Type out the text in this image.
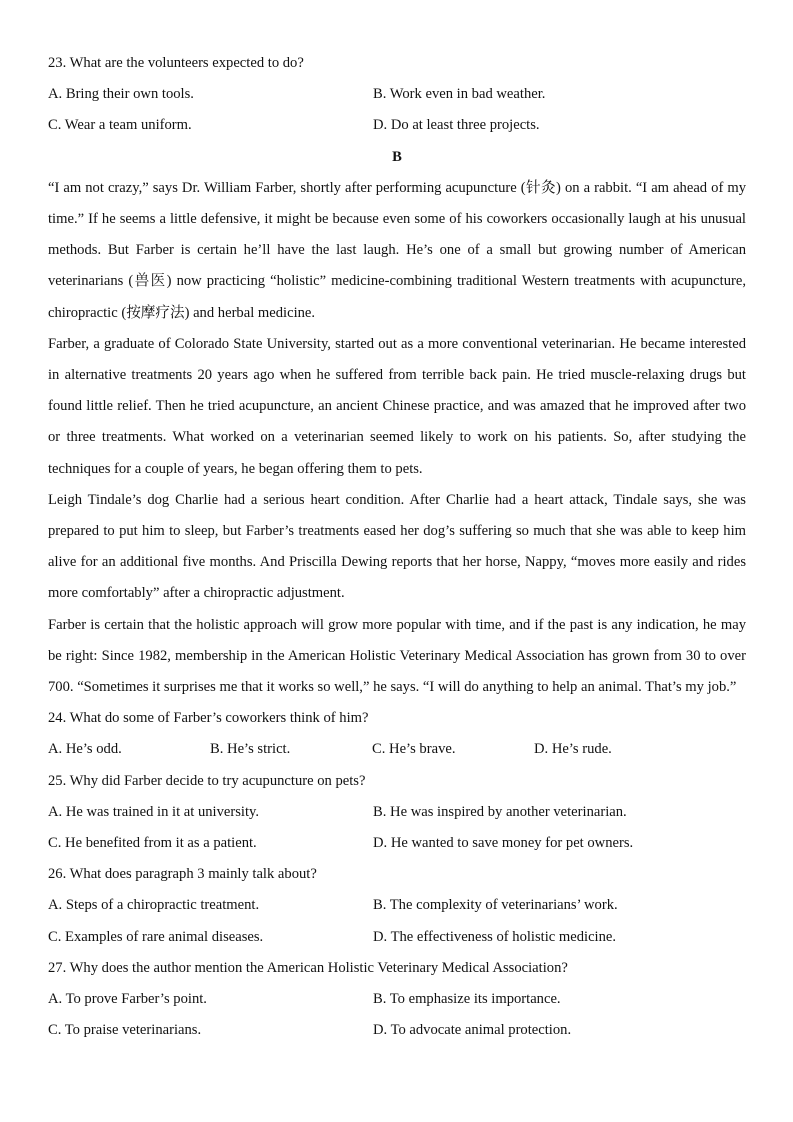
23. What are the volunteers expected to do?
A. Bring their own tools.	B. Work even in bad weather.
C. Wear a team uniform.	D. Do at least three projects.
B

“I am not crazy,” says Dr. William Farber, shortly after performing acupuncture (针灸) on a rabbit. “I am ahead of my time.” If he seems a little defensive, it might be because even some of his coworkers occasionally laugh at his unusual methods. But Farber is certain he’ll have the last laugh. He’s one of a small but growing number of American veterinarians (兽医) now practicing “holistic” medicine-combining traditional Western treatments with acupuncture, chiropractic (按摩疗法) and herbal medicine.

Farber, a graduate of Colorado State University, started out as a more conventional veterinarian. He became interested in alternative treatments 20 years ago when he suffered from terrible back pain. He tried muscle-relaxing drugs but found little relief. Then he tried acupuncture, an ancient Chinese practice, and was amazed that he improved after two or three treatments. What worked on a veterinarian seemed likely to work on his patients. So, after studying the techniques for a couple of years, he began offering them to pets.

Leigh Tindale’s dog Charlie had a serious heart condition. After Charlie had a heart attack, Tindale says, she was prepared to put him to sleep, but Farber’s treatments eased her dog’s suffering so much that she was able to keep him alive for an additional five months. And Priscilla Dewing reports that her horse, Nappy, “moves more easily and rides more comfortably” after a chiropractic adjustment.

Farber is certain that the holistic approach will grow more popular with time, and if the past is any indication, he may be right: Since 1982, membership in the American Holistic Veterinary Medical Association has grown from 30 to over 700. “Sometimes it surprises me that it works so well,” he says. “I will do anything to help an animal. That’s my job.”

24. What do some of Farber’s coworkers think of him?
A. He’s odd.	B. He’s strict.	C. He’s brave.	D. He’s rude.
25. Why did Farber decide to try acupuncture on pets?
A. He was trained in it at university.	B. He was inspired by another veterinarian.
C. He benefited from it as a patient.	D. He wanted to save money for pet owners.
26. What does paragraph 3 mainly talk about?
A. Steps of a chiropractic treatment.	B. The complexity of veterinarians’ work.
C. Examples of rare animal diseases.	D. The effectiveness of holistic medicine.
27. Why does the author mention the American Holistic Veterinary Medical Association?
A. To prove Farber’s point.	B. To emphasize its importance.
C. To praise veterinarians.	D. To advocate animal protection.
